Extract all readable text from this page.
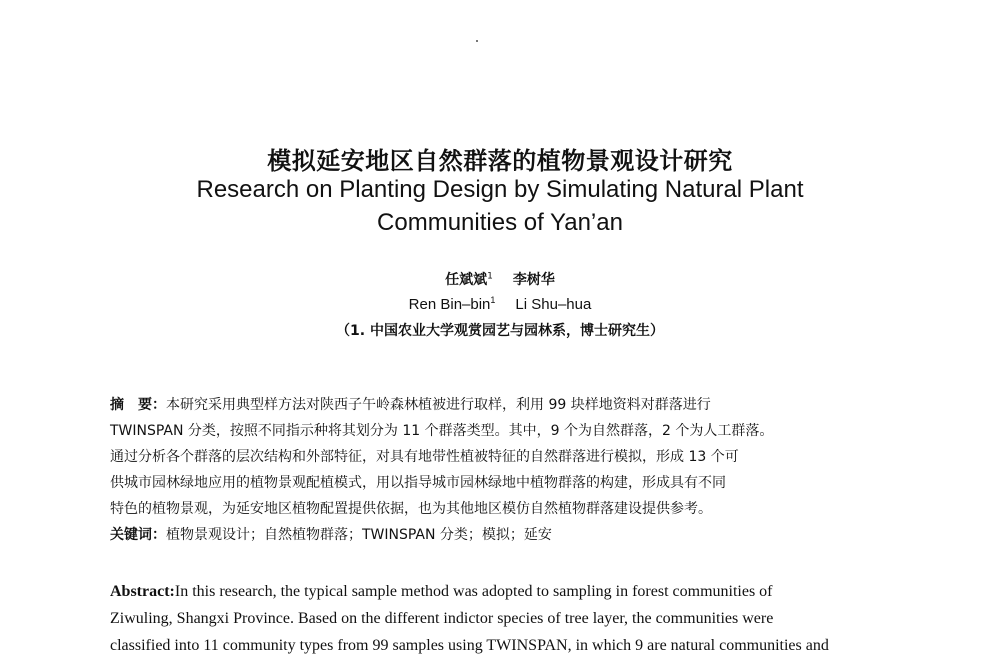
模拟延安地区自然群落的植物景观设计研究
Research on Planting Design by Simulating Natural Plant
Communities of Yan’an
任斌斌$^1$ 李树华
Ren Bin–bin$^1$ Li Shu–hua
（1. 中国农业大学观赏园艺与园林系，博士研究生）
摘　要：本研究采用典型样方法对陕西子午岭森林植被进行取样，利用 99 块样地资料对群落进行
TWINSPAN 分类，按照不同指示种将其划分为 11 个群落类型。其中，9 个为自然群落，2 个为人工群落。
通过分析各个群落的层次结构和外部特征，对具有地带性植被特征的自然群落进行模拟，形成 13 个可
供城市园林绿地应用的植物景观配植模式，用以指导城市园林绿地中植物群落的构建，形成具有不同
特色的植物景观，为延安地区植物配置提供依据，也为其他地区模仿自然植物群落建设提供参考。
关键词：植物景观设计；自然植物群落；TWINSPAN 分类；模拟；延安
Abstract:In this research, the typical sample method was adopted to sampling in forest communities of
Ziwuling, Shangxi Province. Based on the different indictor species of tree layer, the communities were
classified into 11 community types from 99 samples using TWINSPAN, in which 9 are natural communities and
